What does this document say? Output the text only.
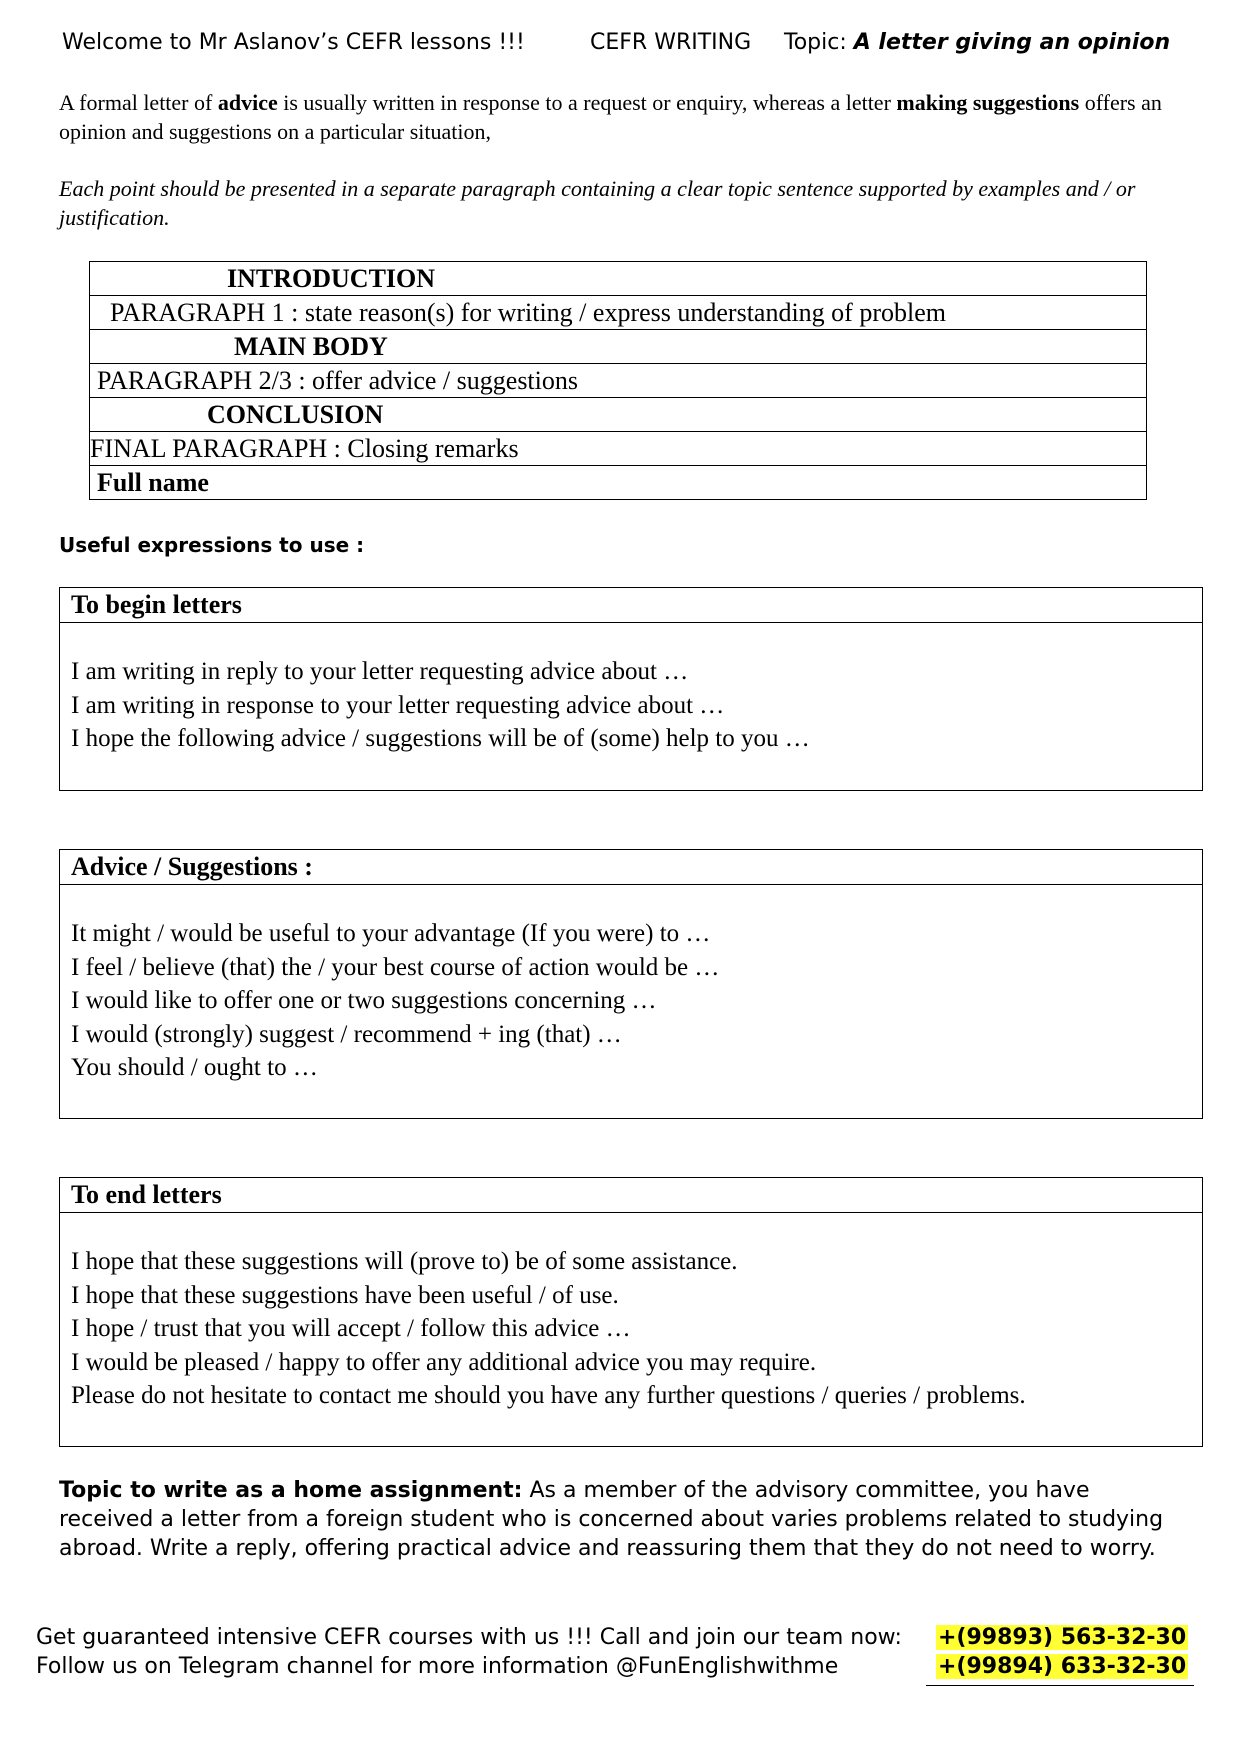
Welcome to Mr Aslanov’s CEFR lessons !!!	CEFR WRITING Topic: A letter giving an opinion
A formal letter of advice is usually written in response to a request or enquiry, whereas a letter making suggestions offers an opinion and suggestions on a particular situation,
Each point should be presented in a separate paragraph containing a clear topic sentence supported by examples and / or justification.
INTRODUCTION
PARAGRAPH 1 : state reason(s) for writing / express understanding of problem
MAIN BODY
PARAGRAPH 2/3 : offer advice / suggestions
CONCLUSION
FINAL PARAGRAPH : Closing remarks
Full name
Useful expressions to use :
To begin letters
I am writing in reply to your letter requesting advice about …
I am writing in response to your letter requesting advice about …
I hope the following advice / suggestions will be of (some) help to you …
Advice / Suggestions :
It might / would be useful to your advantage (If you were) to …
I feel / believe (that) the / your best course of action would be …
I would like to offer one or two suggestions concerning …
I would (strongly) suggest / recommend + ing (that) …
You should / ought to …
To end letters
I hope that these suggestions will (prove to) be of some assistance.
I hope that these suggestions have been useful / of use.
I hope / trust that you will accept / follow this advice …
I would be pleased / happy to offer any additional advice you may require.
Please do not hesitate to contact me should you have any further questions / queries / problems.
Topic to write as a home assignment: As a member of the advisory committee, you have received a letter from a foreign student who is concerned about varies problems related to studying abroad. Write a reply, offering practical advice and reassuring them that they do not need to worry.
Get guaranteed intensive CEFR courses with us !!! Call and join our team now:
Follow us on Telegram channel for more information @FunEnglishwithme
+(99893) 563-32-30
+(99894) 633-32-30
